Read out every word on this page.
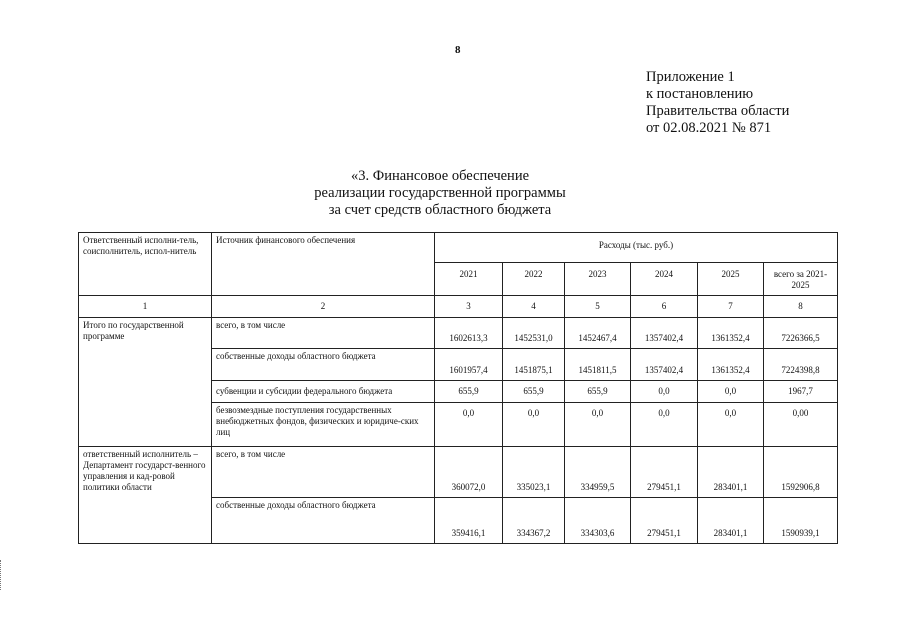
8
Приложение 1
к постановлению
Правительства области
от 02.08.2021 № 871
«3. Финансовое обеспечение
реализации государственной программы
за счет средств областного бюджета
Ответственный исполни-тель, соисполнитель, испол-нитель	Источник финансового обеспечения	Расходы (тыс. руб.)					
		2021	2022	2023	2024	2025	всего за 2021-2025
1	2	3	4	5	6	7	8
Итого по государственной программе	всего, в том числе	1602613,3	1452531,0	1452467,4	1357402,4	1361352,4	7226366,5
	собственные доходы областного бюджета	1601957,4	1451875,1	1451811,5	1357402,4	1361352,4	7224398,8
	субвенции и субсидии федерального бюджета	655,9	655,9	655,9	0,0	0,0	1967,7
	безвозмездные поступления государственных внебюджетных фондов, физических и юридиче-ских лиц	0,0	0,0	0,0	0,0	0,0	0,00
ответственный исполнитель – Департамент государст-венного управления и кад-ровой политики области	всего, в том числе	360072,0	335023,1	334959,5	279451,1	283401,1	1592906,8
	собственные доходы областного бюджета	359416,1	334367,2	334303,6	279451,1	283401,1	1590939,1
